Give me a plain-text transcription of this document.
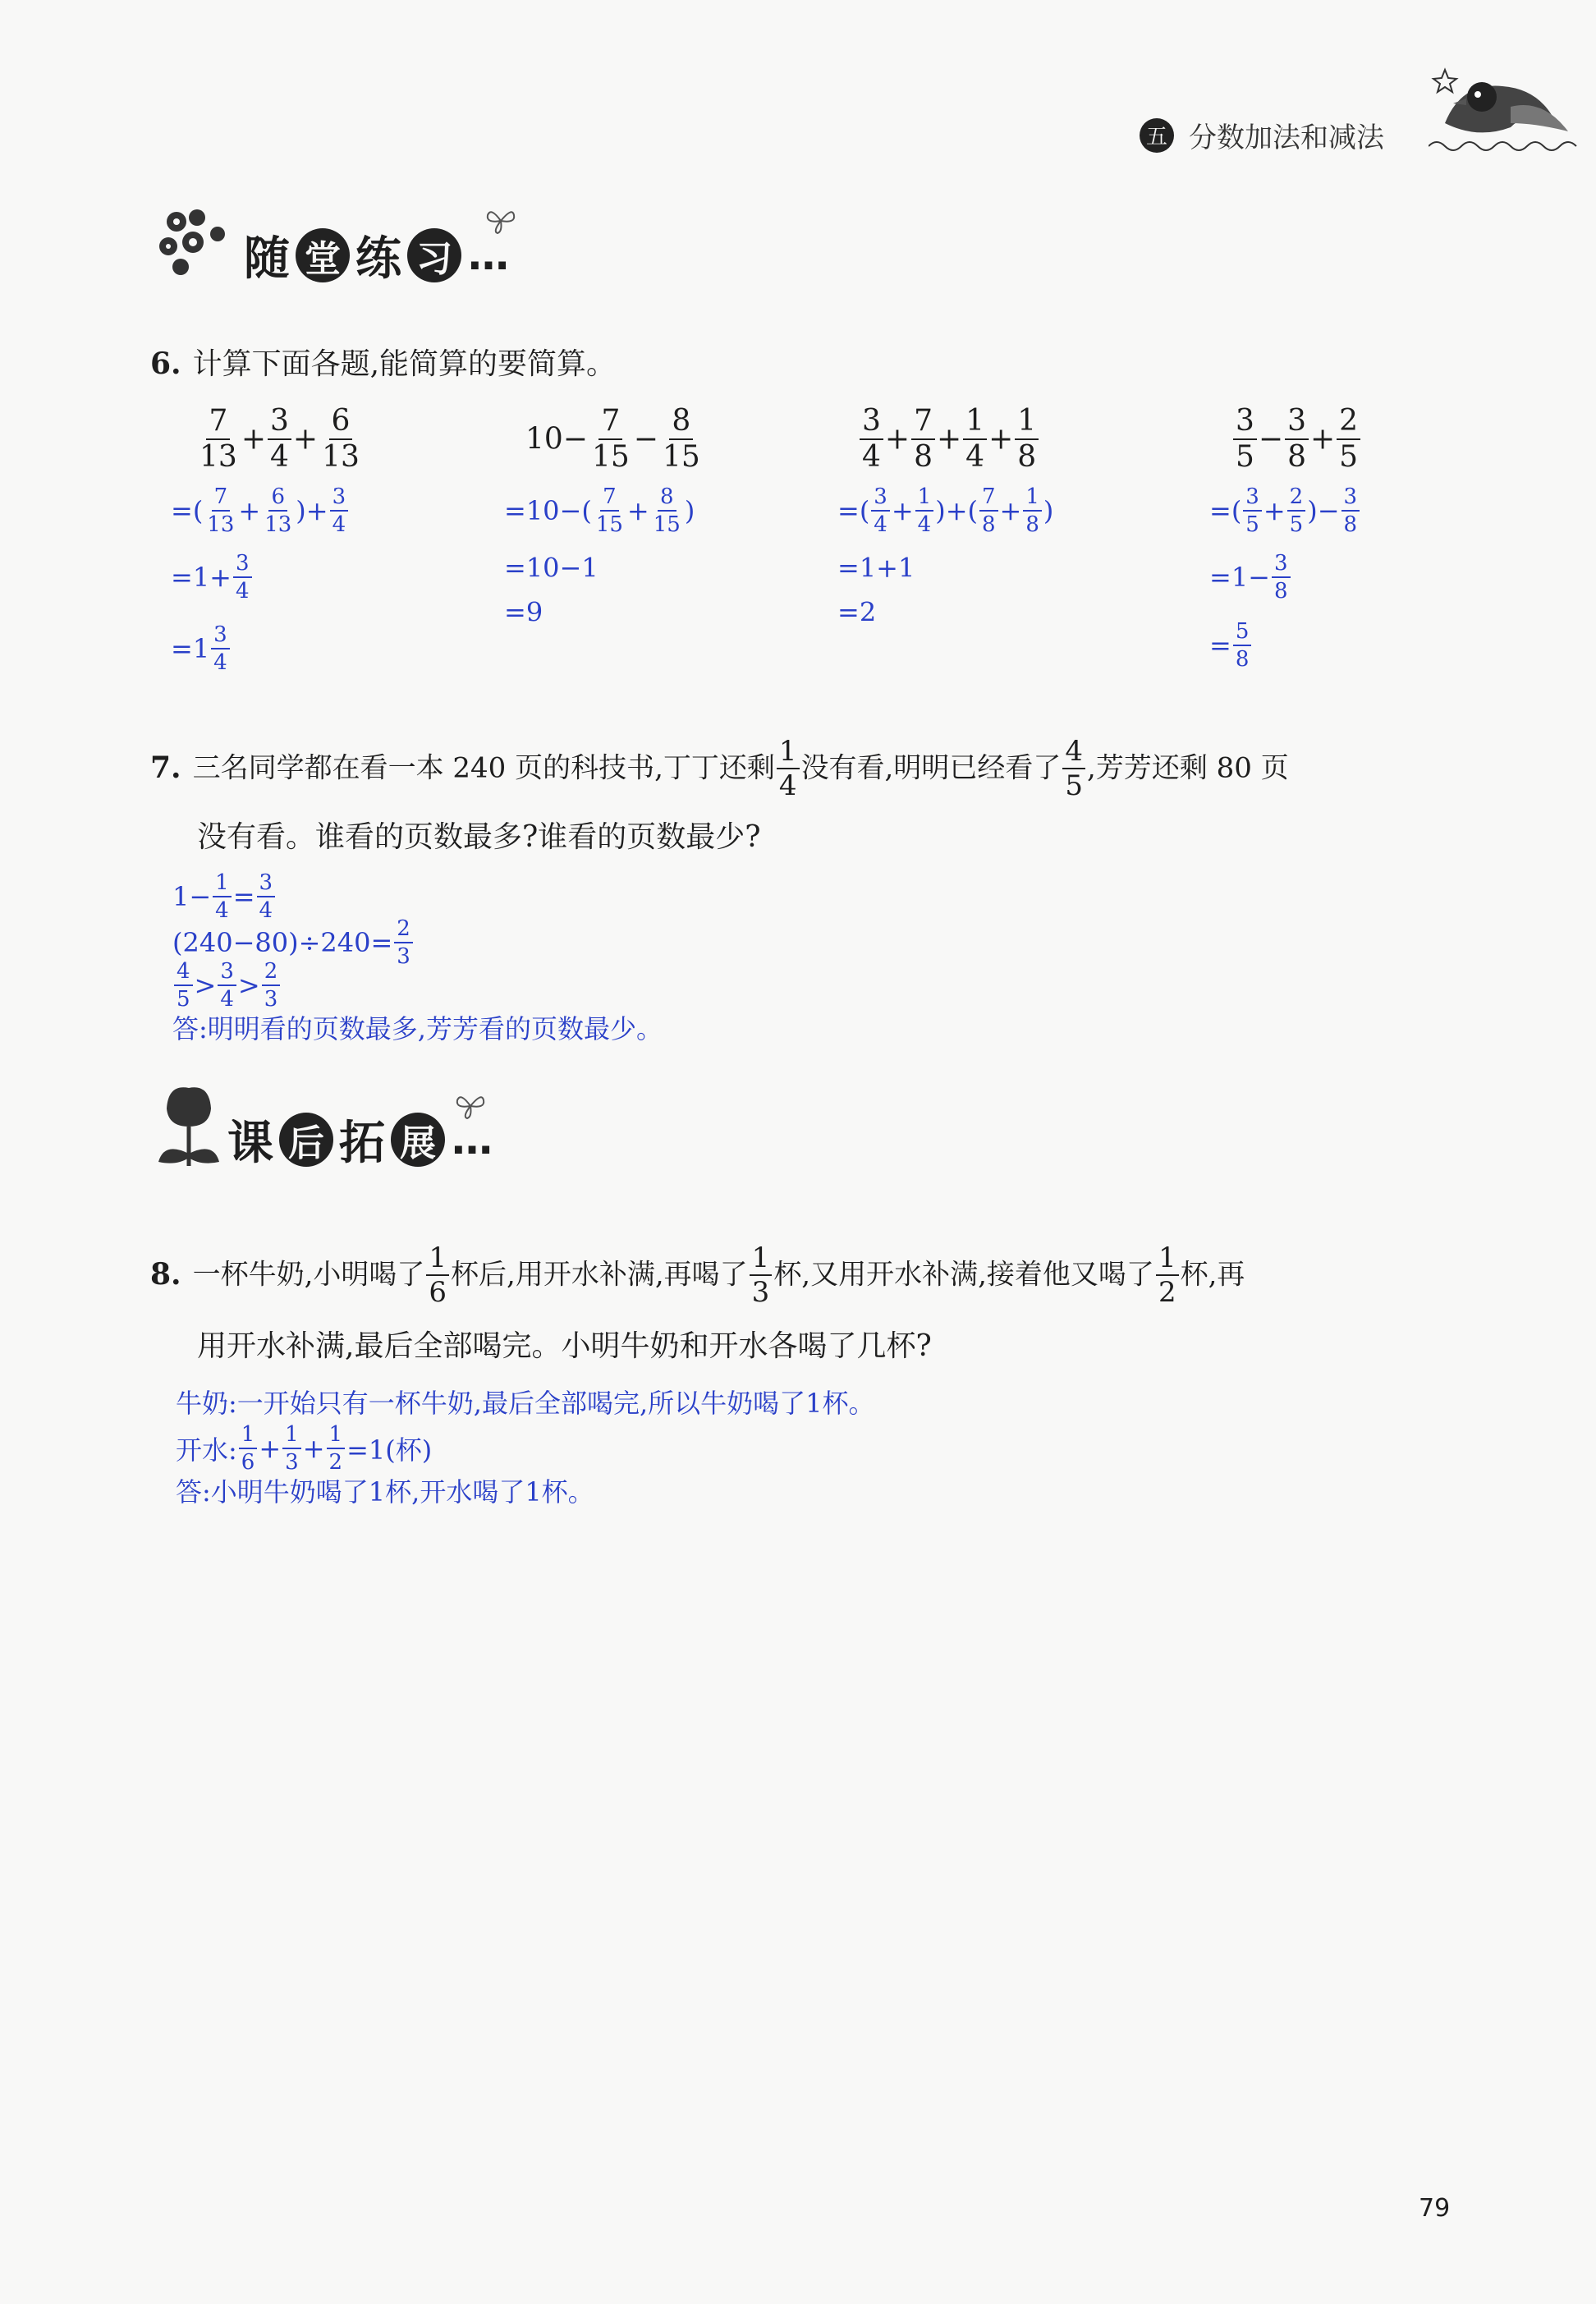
五 分数加法和减法
随 堂 练 习 …
6. 计算下面各题,能简算的要简算。
$\frac{7}{13} + \frac{3}{4} + \frac{6}{13}$	$10- \frac{7}{15} - \frac{8}{15}$	$\frac{3}{4} + \frac{7}{8} + \frac{1}{4} + \frac{1}{8}$	$\frac{3}{5} - \frac{3}{8} + \frac{2}{5}$
=( $\frac{7}{13} + \frac{6}{13}$ )+ $\frac{3}{4}$
$=1+ \frac{3}{4}$
$=1 \frac{3}{4}$
$=10-( \frac{7}{15} + \frac{8}{15}$ )
=10−1
=9
=( $\frac{3}{4} + \frac{1}{4}$ )+( $\frac{7}{8} + \frac{1}{8}$ )
=1+1
=2
=( $\frac{3}{5} + \frac{2}{5}$ )− $\frac{3}{8}$
$=1- \frac{3}{8}$
= $\frac{5}{8}$
7. 三名同学都在看一本 240 页的科技书,丁丁还剩 $\frac{1}{4}$ 没有看,明明已经看了 $\frac{4}{5}$ ,芳芳还剩 80 页
没有看。谁看的页数最多?谁看的页数最少?
$1- \frac{1}{4} = \frac{3}{4}$
$(240-80)\div 240= \frac{2}{3}$
$\frac{4}{5} > \frac{3}{4} > \frac{2}{3}$
答:明明看的页数最多,芳芳看的页数最少。
课 后 拓 展 …
8. 一杯牛奶,小明喝了 $\frac{1}{6}$ 杯后,用开水补满,再喝了 $\frac{1}{3}$ 杯,又用开水补满,接着他又喝了 $\frac{1}{2}$ 杯,再
用开水补满,最后全部喝完。小明牛奶和开水各喝了几杯?
牛奶:一开始只有一杯牛奶,最后全部喝完,所以牛奶喝了1杯。
开水: $\frac{1}{6} + \frac{1}{3} + \frac{1}{2} =1$(杯)
答:小明牛奶喝了1杯,开水喝了1杯。
79
